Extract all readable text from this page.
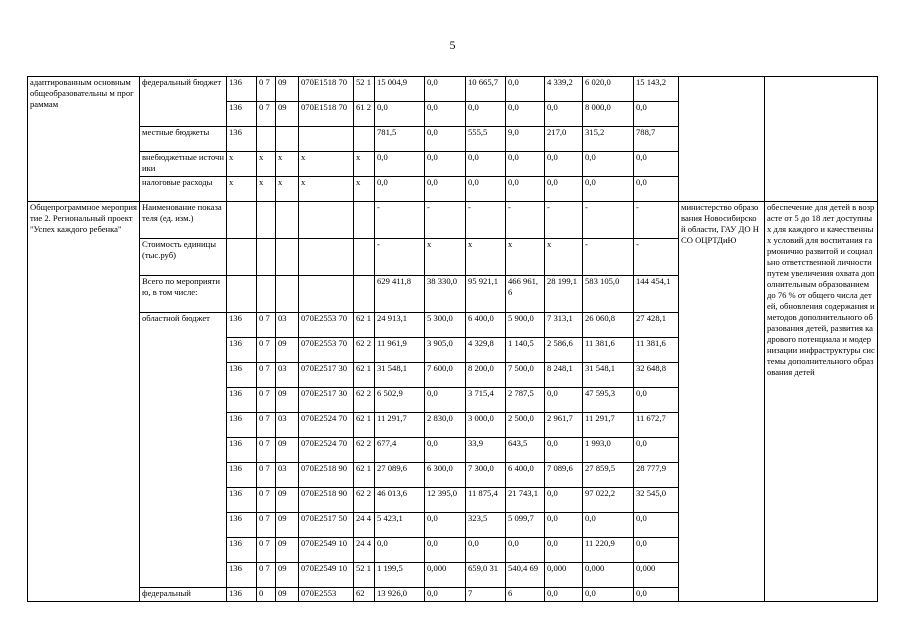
5
адаптированным основным общеобразовательны м программам	федеральный бюджет	136	0 7	09	070E1518 70	52 1	15 004,9	0,0	10 665,7	0,0	4 339,2	6 020,0	15 143,2		
		136	0 7	09	070E1518 70	61 2	0,0	0,0	0,0	0,0	0,0	8 000,0	0,0		
	местные бюджеты	136					781,5	0,0	555,5	9,0	217,0	315,2	788,7		
	внебюджетные источники	x	x	x	x	x	0,0	0,0	0,0	0,0	0,0	0,0	0,0		
	налоговые расходы	x	x	x	x	x	0,0	0,0	0,0	0,0	0,0	0,0	0,0		
Общепрограммное мероприятие 2. Региональный проект "Успех каждого ребенка"	Наименование показателя (ед. изм.)						-	-	-	-	-	-	-	министерство образования Новосибирско й области, ГАУ ДО НСО ОЦРТДиЮ	обеспечение для детей в возрасте от 5 до 18 лет доступных для каждого и качественных условий для воспитания гармонично развитой и социально ответственной личности путем увеличения охвата дополнительным образованием до 76 % от общего числа детей, обновления содержания и методов дополнительного образования детей, развития кадрового потенциала и модернизации инфраструктуры системы дополнительного образования детей
	Стоимость единицы (тыс.руб)						-	x	x	x	x	-	-		
	Всего по мероприятию, в том числе:						629 411,8	38 330,0	95 921,1	466 961,6	28 199,1	583 105,0	144 454,1		
	областной бюджет	136	0 7	03	070E2553 70	62 1	24 913,1	5 300,0	6 400,0	5 900,0	7 313,1	26 060,8	27 428,1		
		136	0 7	09	070E2553 70	62 2	11 961,9	3 905,0	4 329,8	1 140,5	2 586,6	11 381,6	11 381,6		
		136	0 7	03	070E2517 30	62 1	31 548,1	7 600,0	8 200,0	7 500,0	8 248,1	31 548,1	32 648,8		
		136	0 7	09	070E2517 30	62 2	6 502,9	0,0	3 715,4	2 787,5	0,0	47 595,3	0,0		
		136	0 7	03	070E2524 70	62 1	11 291,7	2 830,0	3 000,0	2 500,0	2 961,7	11 291,7	11 672,7		
		136	0 7	09	070E2524 70	62 2	677,4	0,0	33,9	643,5	0,0	1 993,0	0,0		
		136	0 7	03	070E2518 90	62 1	27 089,6	6 300,0	7 300,0	6 400,0	7 089,6	27 859,5	28 777,9		
		136	0 7	09	070E2518 90	62 2	46 013,6	12 395,0	11 875,4	21 743,1	0,0	97 022,2	32 545,0		
		136	0 7	09	070E2517 50	24 4	5 423,1	0,0	323,5	5 099,7	0,0	0,0	0,0		
		136	0 7	09	070E2549 10	24 4	0,0	0,0	0,0	0,0	0,0	11 220,9	0,0		
		136	0 7	09	070E2549 10	52 1	1 199,5	0,000	659,0 31	540,4 69	0,000	0,000	0,000		
	федеральный	136	0	09	070E2553	62	13 926,0	0,0	7	6	0,0	0,0	0,0		
